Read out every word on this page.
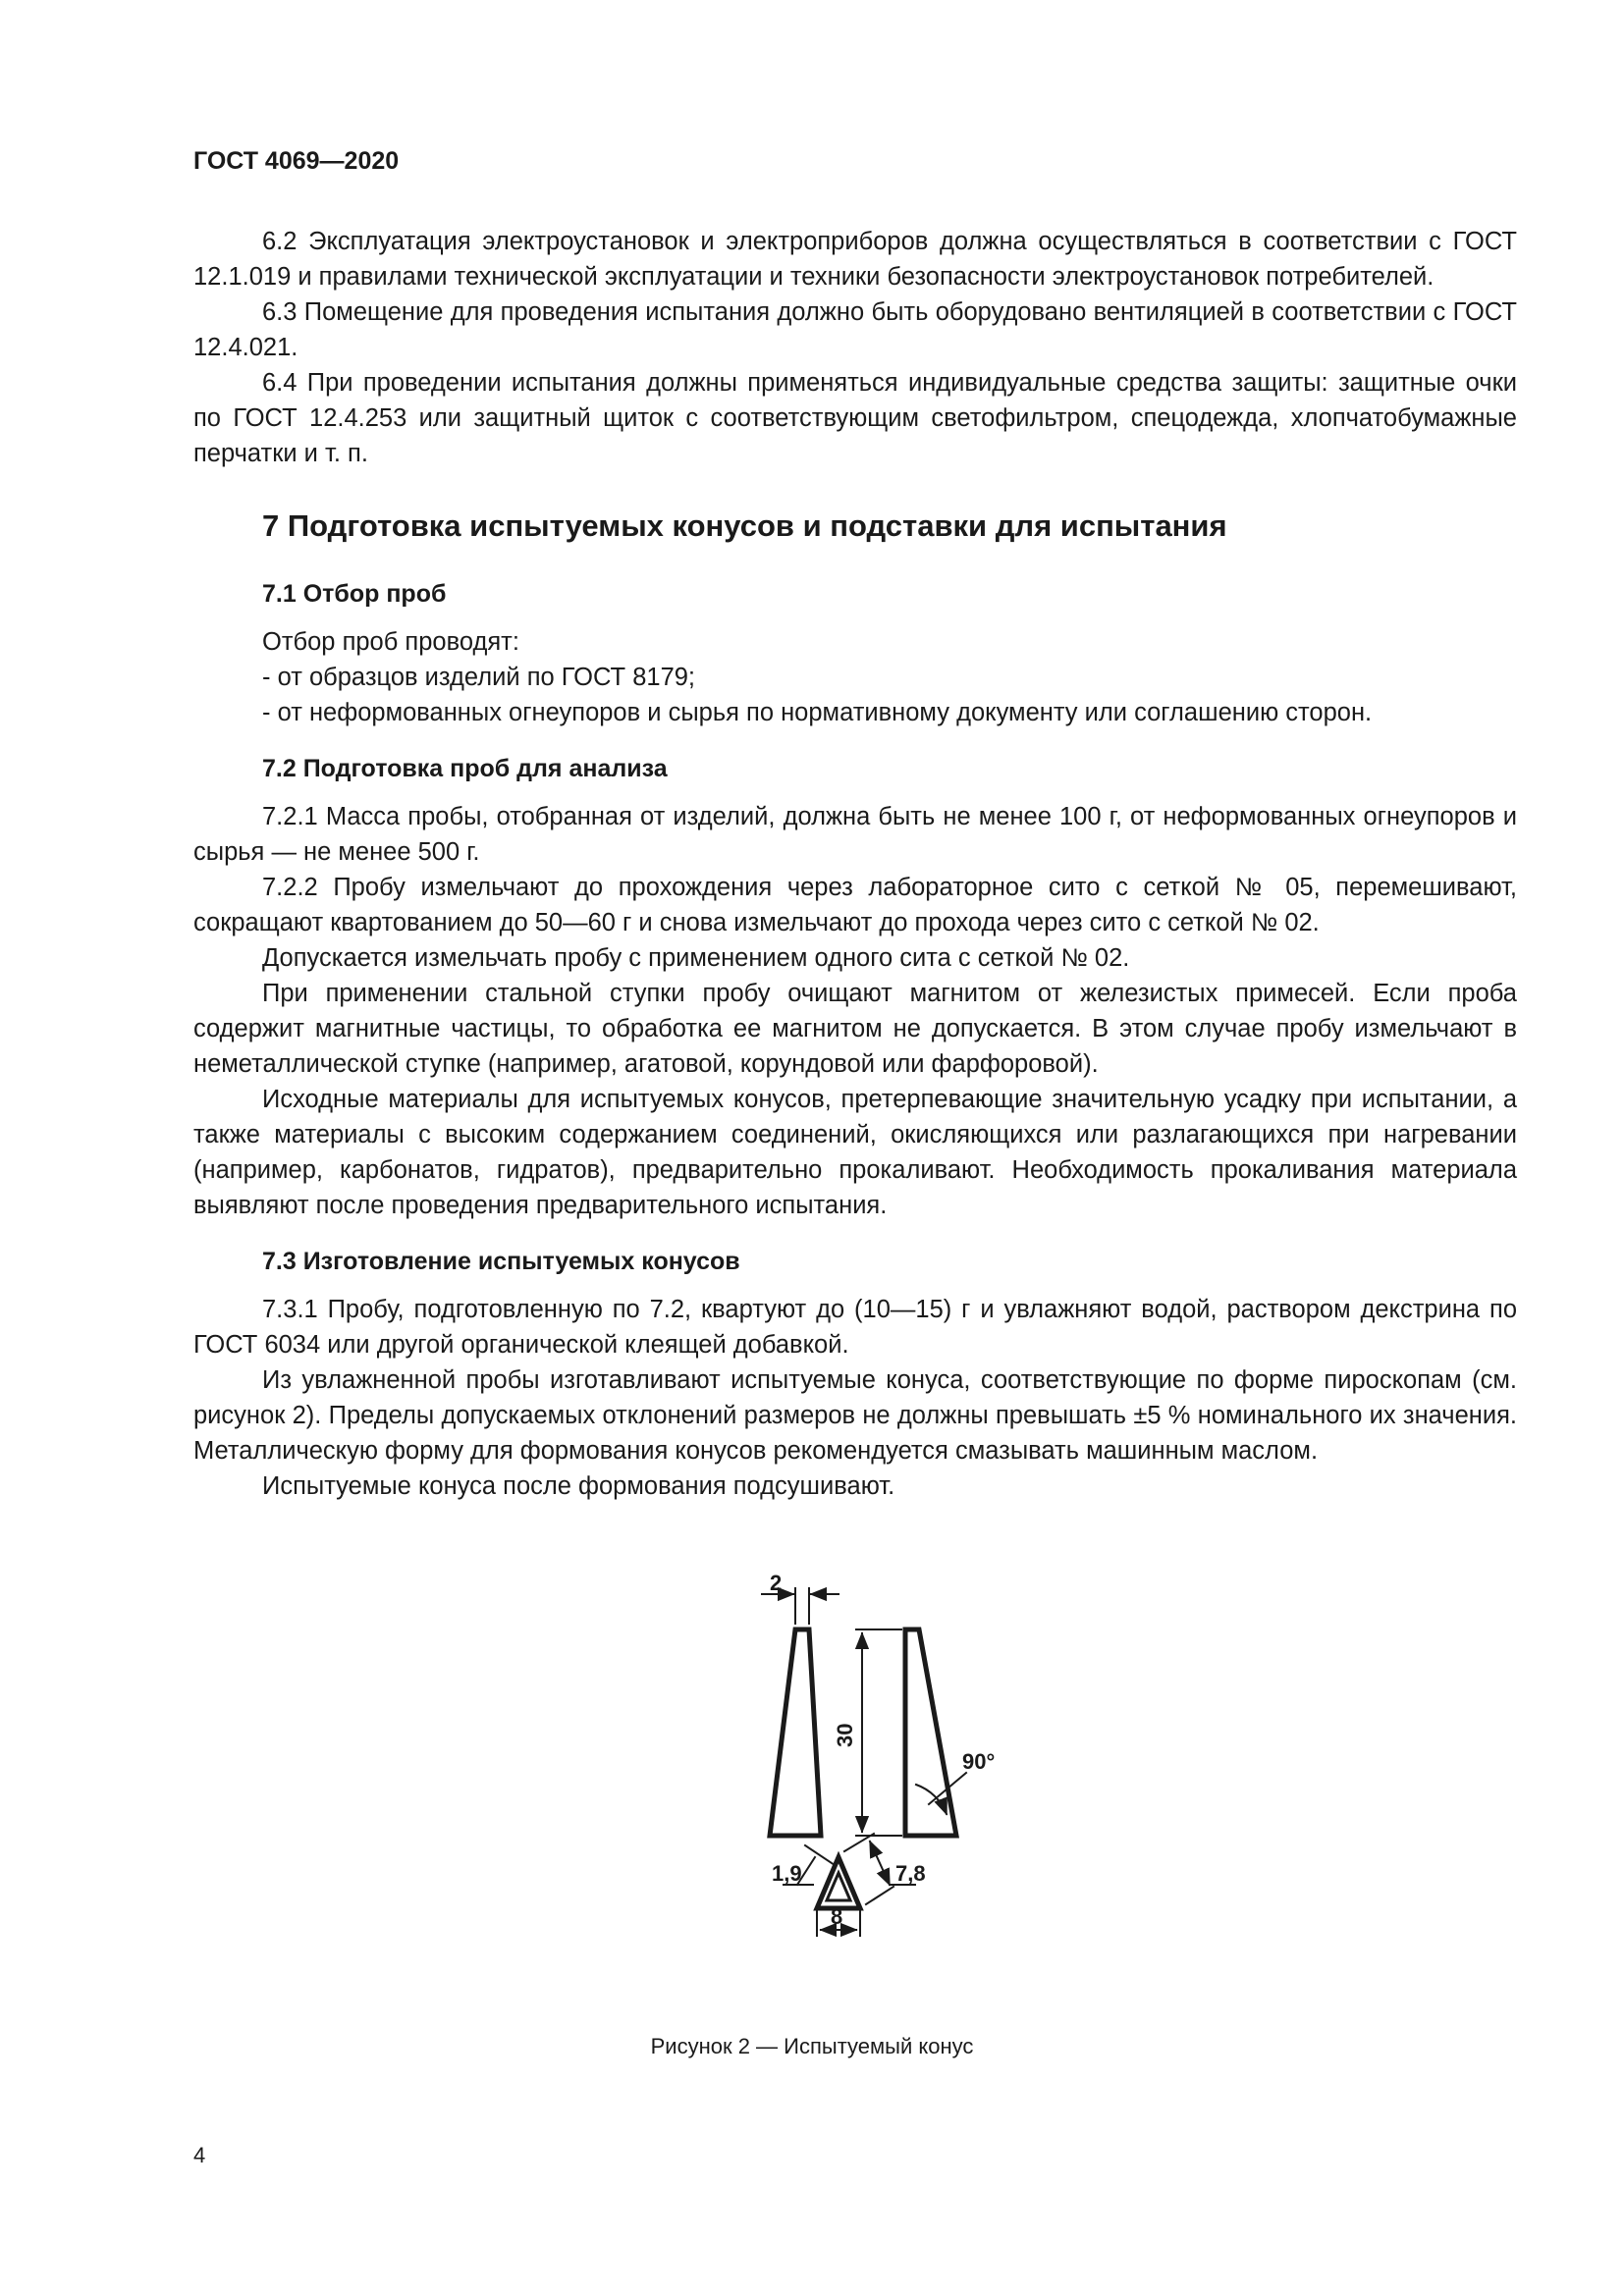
ГОСТ 4069—2020

6.2 Эксплуатация электроустановок и электроприборов должна осуществляться в соответствии с ГОСТ 12.1.019 и правилами технической эксплуатации и техники безопасности электроустановок потребителей.

6.3 Помещение для проведения испытания должно быть оборудовано вентиляцией в соответствии с ГОСТ 12.4.021.

6.4 При проведении испытания должны применяться индивидуальные средства защиты: защитные очки по ГОСТ 12.4.253 или защитный щиток с соответствующим светофильтром, спецодежда, хлопчатобумажные перчатки и т. п.

7 Подготовка испытуемых конусов и подставки для испытания
7.1 Отбор проб

Отбор проб проводят:

- от образцов изделий по ГОСТ 8179;

- от неформованных огнеупоров и сырья по нормативному документу или соглашению сторон.

7.2 Подготовка проб для анализа

7.2.1 Масса пробы, отобранная от изделий, должна быть не менее 100 г, от неформованных огнеупоров и сырья — не менее 500 г.

7.2.2 Пробу измельчают до прохождения через лабораторное сито с сеткой № 05, перемешивают, сокращают квартованием до 50—60 г и снова измельчают до прохода через сито с сеткой № 02.

Допускается измельчать пробу с применением одного сита с сеткой № 02.

При применении стальной ступки пробу очищают магнитом от железистых примесей. Если проба содержит магнитные частицы, то обработка ее магнитом не допускается. В этом случае пробу измельчают в неметаллической ступке (например, агатовой, корундовой или фарфоровой).

Исходные материалы для испытуемых конусов, претерпевающие значительную усадку при испытании, а также материалы с высоким содержанием соединений, окисляющихся или разлагающихся при нагревании (например, карбонатов, гидратов), предварительно прокаливают. Необходимость прокаливания материала выявляют после проведения предварительного испытания.

7.3 Изготовление испытуемых конусов

7.3.1 Пробу, подготовленную по 7.2, квартуют до (10—15) г и увлажняют водой, раствором декстрина по ГОСТ 6034 или другой органической клеящей добавкой.

Из увлажненной пробы изготавливают испытуемые конуса, соответствующие по форме пироскопам (см. рисунок 2). Пределы допускаемых отклонений размеров не должны превышать ±5 % номинального их значения. Металлическую форму для формования конусов рекомендуется смазывать машинным маслом.

Испытуемые конуса после формования подсушивают.

2
30
90°
1,9	7,8
8
Рисунок 2 — Испытуемый конус
4
